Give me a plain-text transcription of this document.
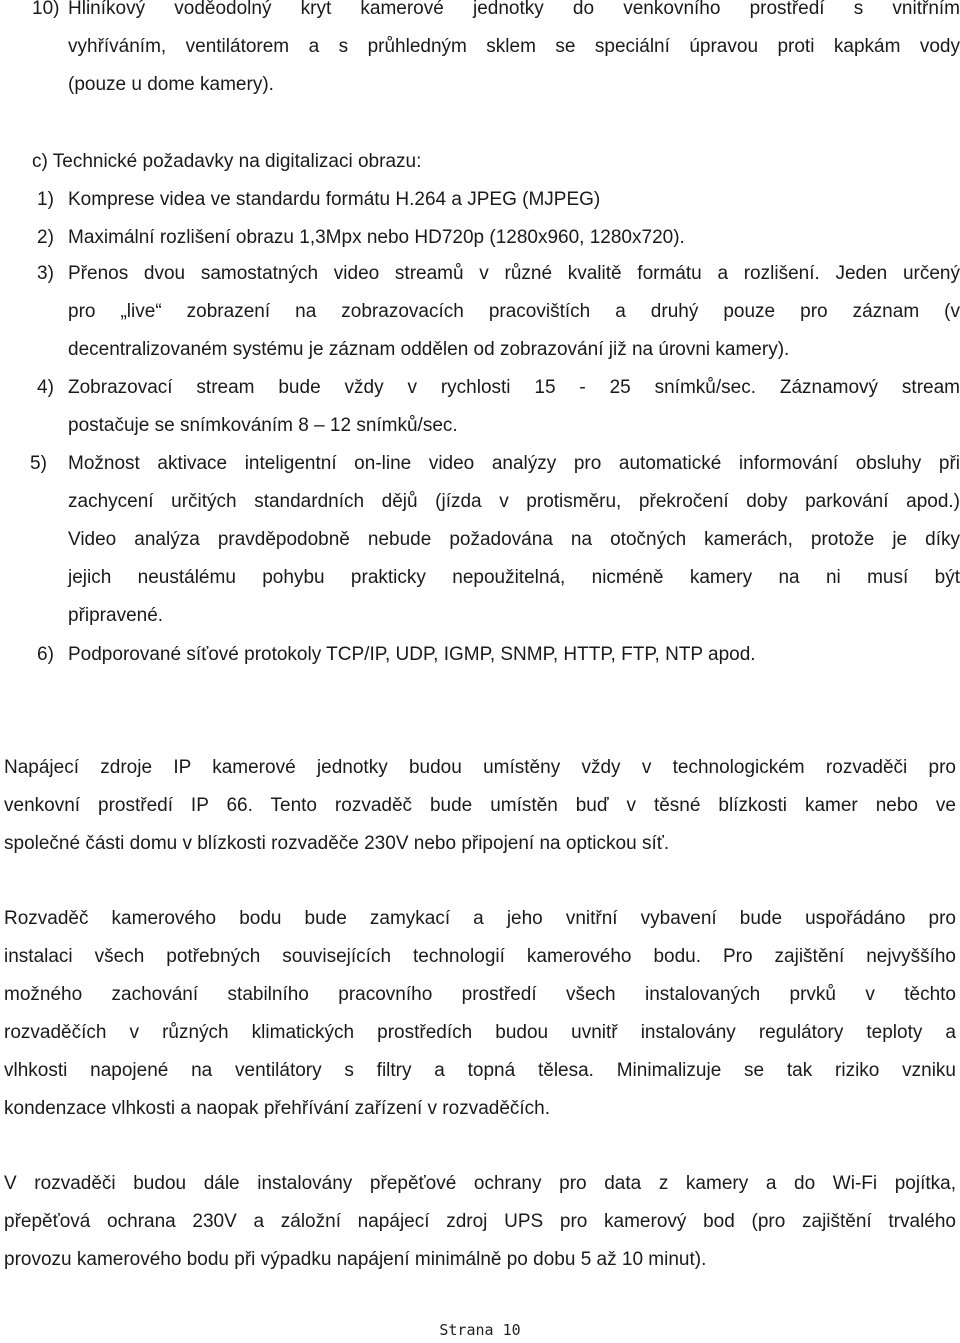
10) Hliníkový voděodolný kryt kamerové jednotky do venkovního prostředí s vnitřním
vyhříváním, ventilátorem a s průhledným sklem se speciální úpravou proti kapkám vody
(pouze u dome kamery).
c) Technické požadavky na digitalizaci obrazu:
1) Komprese videa ve standardu formátu H.264 a JPEG (MJPEG)
2) Maximální rozlišení obrazu 1,3Mpx nebo HD720p (1280x960, 1280x720).
3) Přenos dvou samostatných video streamů v různé kvalitě formátu a rozlišení. Jeden určený
pro „live“ zobrazení na zobrazovacích pracovištích a druhý pouze pro záznam (v
decentralizovaném systému je záznam oddělen od zobrazování již na úrovni kamery).
4) Zobrazovací stream bude vždy v rychlosti 15 - 25 snímků/sec. Záznamový stream
postačuje se snímkováním 8 – 12 snímků/sec.
5) Možnost aktivace inteligentní on-line video analýzy pro automatické informování obsluhy při
zachycení určitých standardních dějů (jízda v protisměru, překročení doby parkování apod.)
Video analýza pravděpodobně nebude požadována na otočných kamerách, protože je díky
jejich neustálému pohybu prakticky nepoužitelná, nicméně kamery na ni musí být
připravené.
6) Podporované síťové protokoly TCP/IP, UDP, IGMP, SNMP, HTTP, FTP, NTP apod.
Napájecí zdroje IP kamerové jednotky budou umístěny vždy v technologickém rozvaděči pro
venkovní prostředí IP 66. Tento rozvaděč bude umístěn buď v těsné blízkosti kamer nebo ve
společné části domu v blízkosti rozvaděče 230V nebo připojení na optickou síť.
Rozvaděč kamerového bodu bude zamykací a jeho vnitřní vybavení bude uspořádáno pro
instalaci všech potřebných souvisejících technologií kamerového bodu. Pro zajištění nejvyššího
možného zachování stabilního pracovního prostředí všech instalovaných prvků v těchto
rozvaděčích v různých klimatických prostředích budou uvnitř instalovány regulátory teploty a
vlhkosti napojené na ventilátory s filtry a topná tělesa. Minimalizuje se tak riziko vzniku
kondenzace vlhkosti a naopak přehřívání zařízení v rozvaděčích.
V rozvaděči budou dále instalovány přepěťové ochrany pro data z kamery a do Wi-Fi pojítka,
přepěťová ochrana 230V a záložní napájecí zdroj UPS pro kamerový bod (pro zajištění trvalého
provozu kamerového bodu při výpadku napájení minimálně po dobu 5 až 10 minut).
Strana 10
